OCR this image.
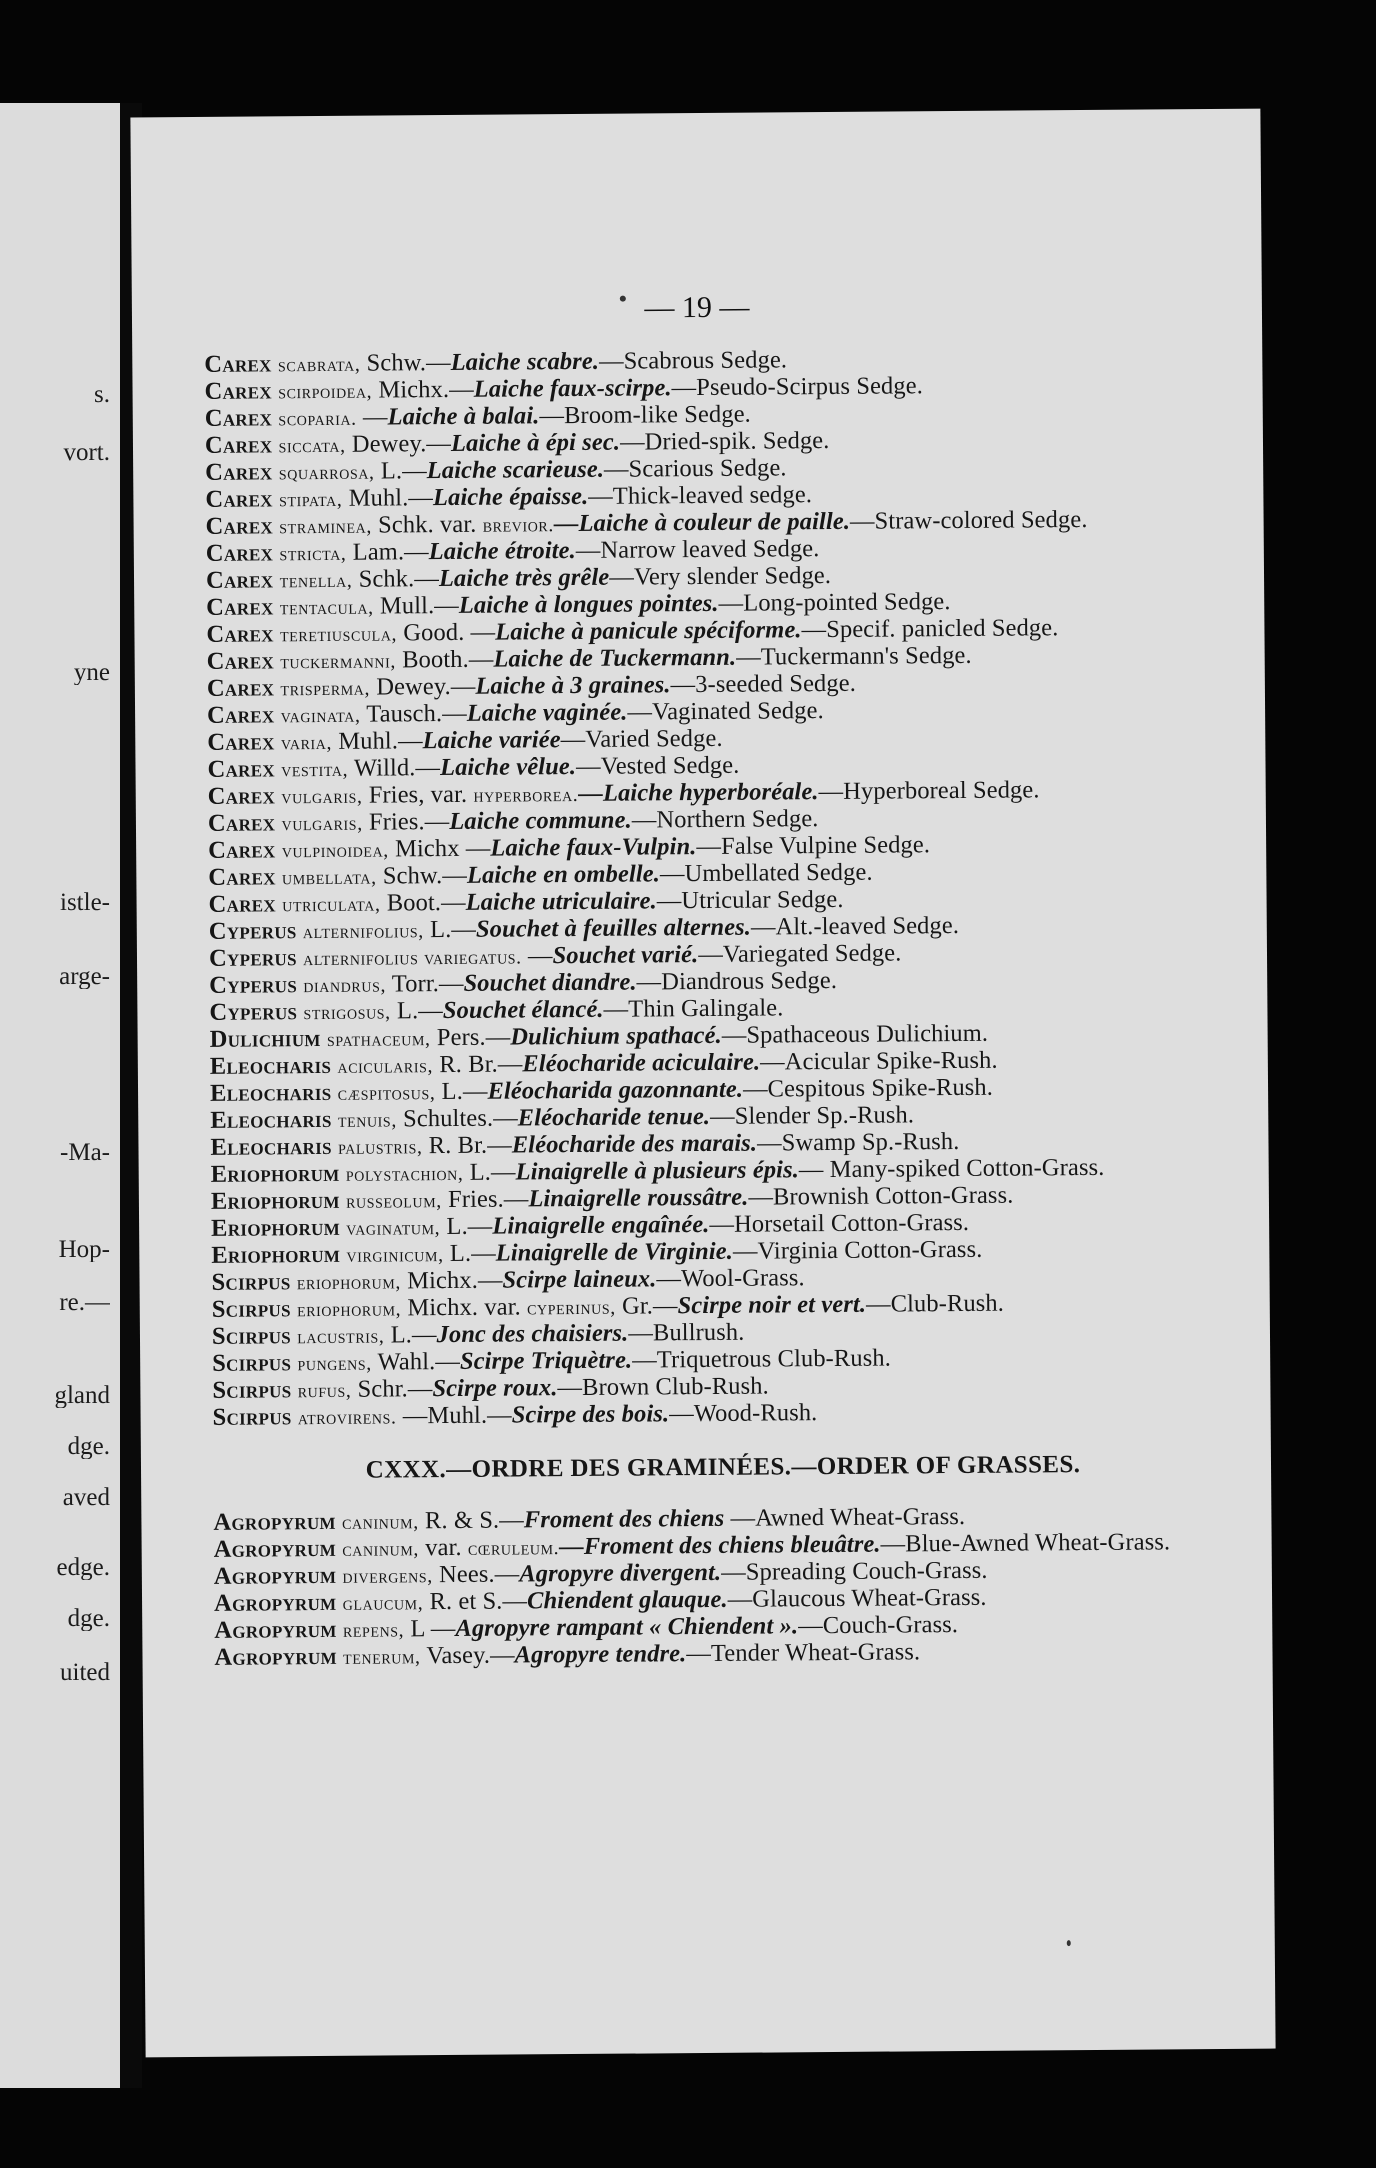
s.
vort.
yne
istle-
arge-
-Ma-
Hop-
re.—
gland
dge.
aved
edge.
dge.
uited
— 19 —

Carex scabrata, Schw.—Laiche scabre.—Scabrous Sedge.

Carex scirpoidea, Michx.—Laiche faux-scirpe.—Pseudo-Scirpus Sedge.

Carex scoparia. —Laiche à balai.—Broom-like Sedge.

Carex siccata, Dewey.—Laiche à épi sec.—Dried-spik. Sedge.

Carex squarrosa, L.—Laiche scarieuse.—Scarious Sedge.

Carex stipata, Muhl.—Laiche épaisse.—Thick-leaved sedge.

Carex straminea, Schk. var. brevior.—Laiche à couleur de paille.—Straw-colored Sedge.

Carex stricta, Lam.—Laiche étroite.—Narrow leaved Sedge.

Carex tenella, Schk.—Laiche très grêle—Very slender Sedge.

Carex tentacula, Mull.—Laiche à longues pointes.—Long-pointed Sedge.

Carex teretiuscula, Good. —Laiche à panicule spéciforme.—Specif. panicled Sedge.

Carex tuckermanni, Booth.—Laiche de Tuckermann.—Tuckermann's Sedge.

Carex trisperma, Dewey.—Laiche à 3 graines.—3-seeded Sedge.

Carex vaginata, Tausch.—Laiche vaginée.—Vaginated Sedge.

Carex varia, Muhl.—Laiche variée—Varied Sedge.

Carex vestita, Willd.—Laiche vêlue.—Vested Sedge.

Carex vulgaris, Fries, var. hyperborea.—Laiche hyperboréale.—Hyperboreal Sedge.

Carex vulgaris, Fries.—Laiche commune.—Northern Sedge.

Carex vulpinoidea, Michx —Laiche faux-Vulpin.—False Vulpine Sedge.

Carex umbellata, Schw.—Laiche en ombelle.—Umbellated Sedge.

Carex utriculata, Boot.—Laiche utriculaire.—Utricular Sedge.

Cyperus alternifolius, L.—Souchet à feuilles alternes.—Alt.-leaved Sedge.

Cyperus alternifolius variegatus. —Souchet varié.—Variegated Sedge.

Cyperus diandrus, Torr.—Souchet diandre.—Diandrous Sedge.

Cyperus strigosus, L.—Souchet élancé.—Thin Galingale.

Dulichium spathaceum, Pers.—Dulichium spathacé.—Spathaceous Dulichium.

Eleocharis acicularis, R. Br.—Eléocharide aciculaire.—Acicular Spike-Rush.

Eleocharis cæspitosus, L.—Eléocharida gazonnante.—Cespitous Spike-Rush.

Eleocharis tenuis, Schultes.—Eléocharide tenue.—Slender Sp.-Rush.

Eleocharis palustris, R. Br.—Eléocharide des marais.—Swamp Sp.-Rush.

Eriophorum polystachion, L.—Linaigrelle à plusieurs épis.— Many-spiked Cotton-Grass.

Eriophorum russeolum, Fries.—Linaigrelle roussâtre.—Brownish Cotton-Grass.

Eriophorum vaginatum, L.—Linaigrelle engaînée.—Horsetail Cotton-Grass.

Eriophorum virginicum, L.—Linaigrelle de Virginie.—Virginia Cotton-Grass.

Scirpus eriophorum, Michx.—Scirpe laineux.—Wool-Grass.

Scirpus eriophorum, Michx. var. cyperinus, Gr.—Scirpe noir et vert.—Club-Rush.

Scirpus lacustris, L.—Jonc des chaisiers.—Bullrush.

Scirpus pungens, Wahl.—Scirpe Triquètre.—Triquetrous Club-Rush.

Scirpus rufus, Schr.—Scirpe roux.—Brown Club-Rush.

Scirpus atrovirens. —Muhl.—Scirpe des bois.—Wood-Rush.

CXXX.—ORDRE DES GRAMINÉES.—ORDER OF GRASSES.

Agropyrum caninum, R. & S.—Froment des chiens —Awned Wheat-Grass.

Agropyrum caninum, var. cœruleum.—Froment des chiens bleuâtre.—Blue-Awned Wheat-Grass.

Agropyrum divergens, Nees.—Agropyre divergent.—Spreading Couch-Grass.

Agropyrum glaucum, R. et S.—Chiendent glauque.—Glaucous Wheat-Grass.

Agropyrum repens, L —Agropyre rampant « Chiendent ».—Couch-Grass.

Agropyrum tenerum, Vasey.—Agropyre tendre.—Tender Wheat-Grass.
